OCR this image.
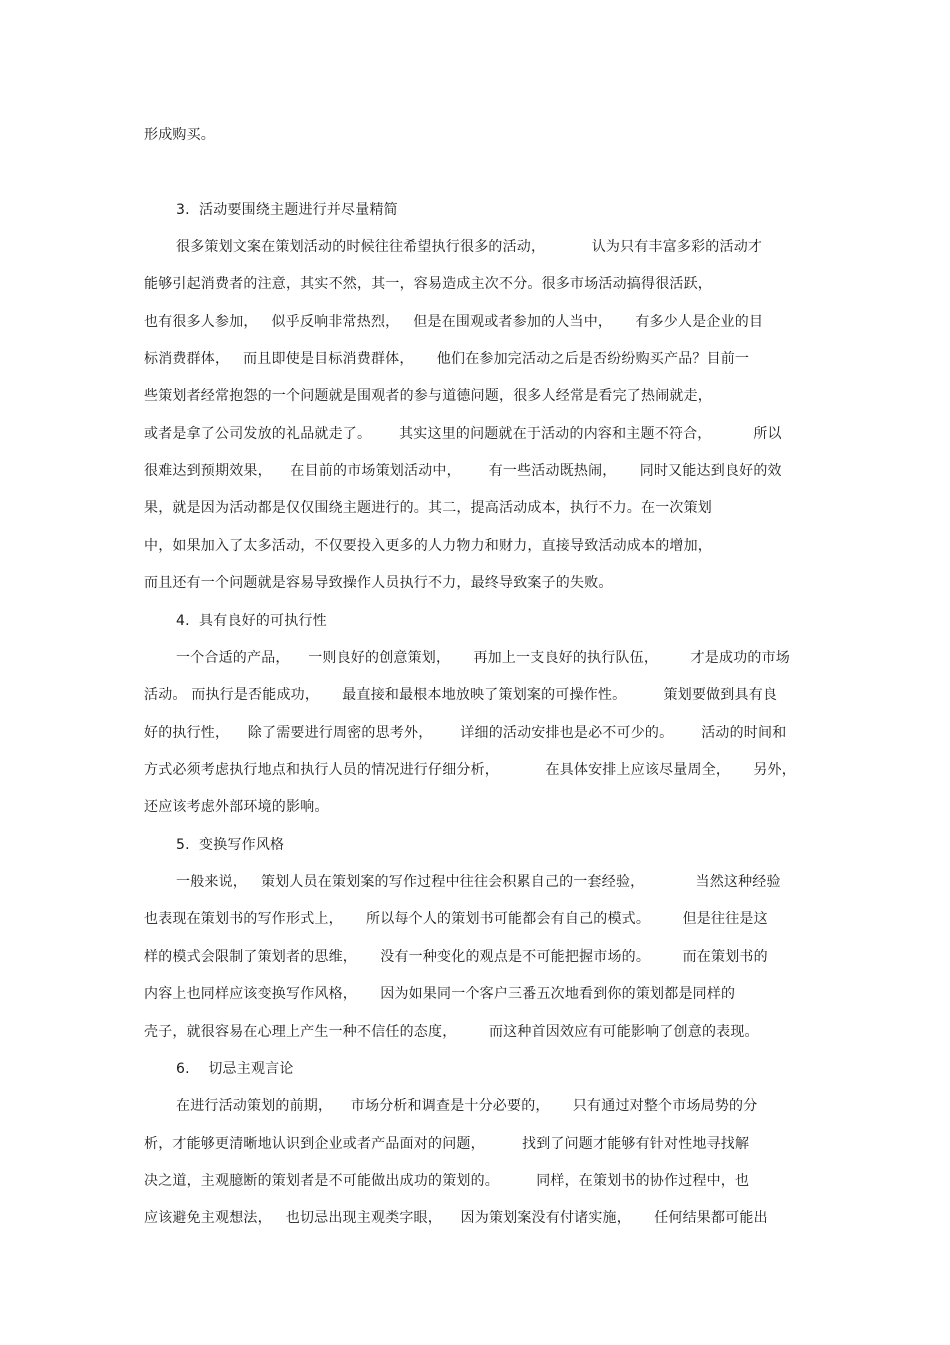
形成购买。
3.  活动要围绕主题进行并尽量精简
很多策划文案在策划活动的时候往往希望执行很多的活动，          认为只有丰富多彩的活动才
能够引起消费者的注意，其实不然，其一，容易造成主次不分。很多市场活动搞得很活跃，
也有很多人参加，   似乎反响非常热烈，   但是在围观或者参加的人当中，     有多少人是企业的目
标消费群体，   而且即使是目标消费群体，     他们在参加完活动之后是否纷纷购买产品？目前一
些策划者经常抱怨的一个问题就是围观者的参与道德问题，很多人经常是看完了热闹就走，
或者是拿了公司发放的礼品就走了。      其实这里的问题就在于活动的内容和主题不符合，         所以
很难达到预期效果，    在目前的市场策划活动中，      有一些活动既热闹，     同时又能达到良好的效
果，就是因为活动都是仅仅围绕主题进行的。其二，提高活动成本，执行不力。在一次策划
中，如果加入了太多活动，不仅要投入更多的人力物力和财力，直接导致活动成本的增加，
而且还有一个问题就是容易导致操作人员执行不力，最终导致案子的失败。
4.  具有良好的可执行性
一个合适的产品，    一则良好的创意策划，     再加上一支良好的执行队伍，       才是成功的市场
活动。 而执行是否能成功，     最直接和最根本地放映了策划案的可操作性。        策划要做到具有良
好的执行性，    除了需要进行周密的思考外，      详细的活动安排也是必不可少的。      活动的时间和
方式必须考虑执行地点和执行人员的情况进行仔细分析，          在具体安排上应该尽量周全，     另外，
还应该考虑外部环境的影响。
5.  变换写作风格
一般来说，   策划人员在策划案的写作过程中往往会积累自己的一套经验，           当然这种经验
也表现在策划书的写作形式上，     所以每个人的策划书可能都会有自己的模式。       但是往往是这
样的模式会限制了策划者的思维，     没有一种变化的观点是不可能把握市场的。       而在策划书的
内容上也同样应该变换写作风格，     因为如果同一个客户三番五次地看到你的策划都是同样的
壳子，就很容易在心理上产生一种不信任的态度，       而这种首因效应有可能影响了创意的表现。
6.    切忌主观言论
在进行活动策划的前期，    市场分析和调查是十分必要的，     只有通过对整个市场局势的分
析，才能够更清晰地认识到企业或者产品面对的问题，        找到了问题才能够有针对性地寻找解
决之道，主观臆断的策划者是不可能做出成功的策划的。        同样，在策划书的协作过程中，也
应该避免主观想法，   也切忌出现主观类字眼，    因为策划案没有付诸实施，     任何结果都可能出
